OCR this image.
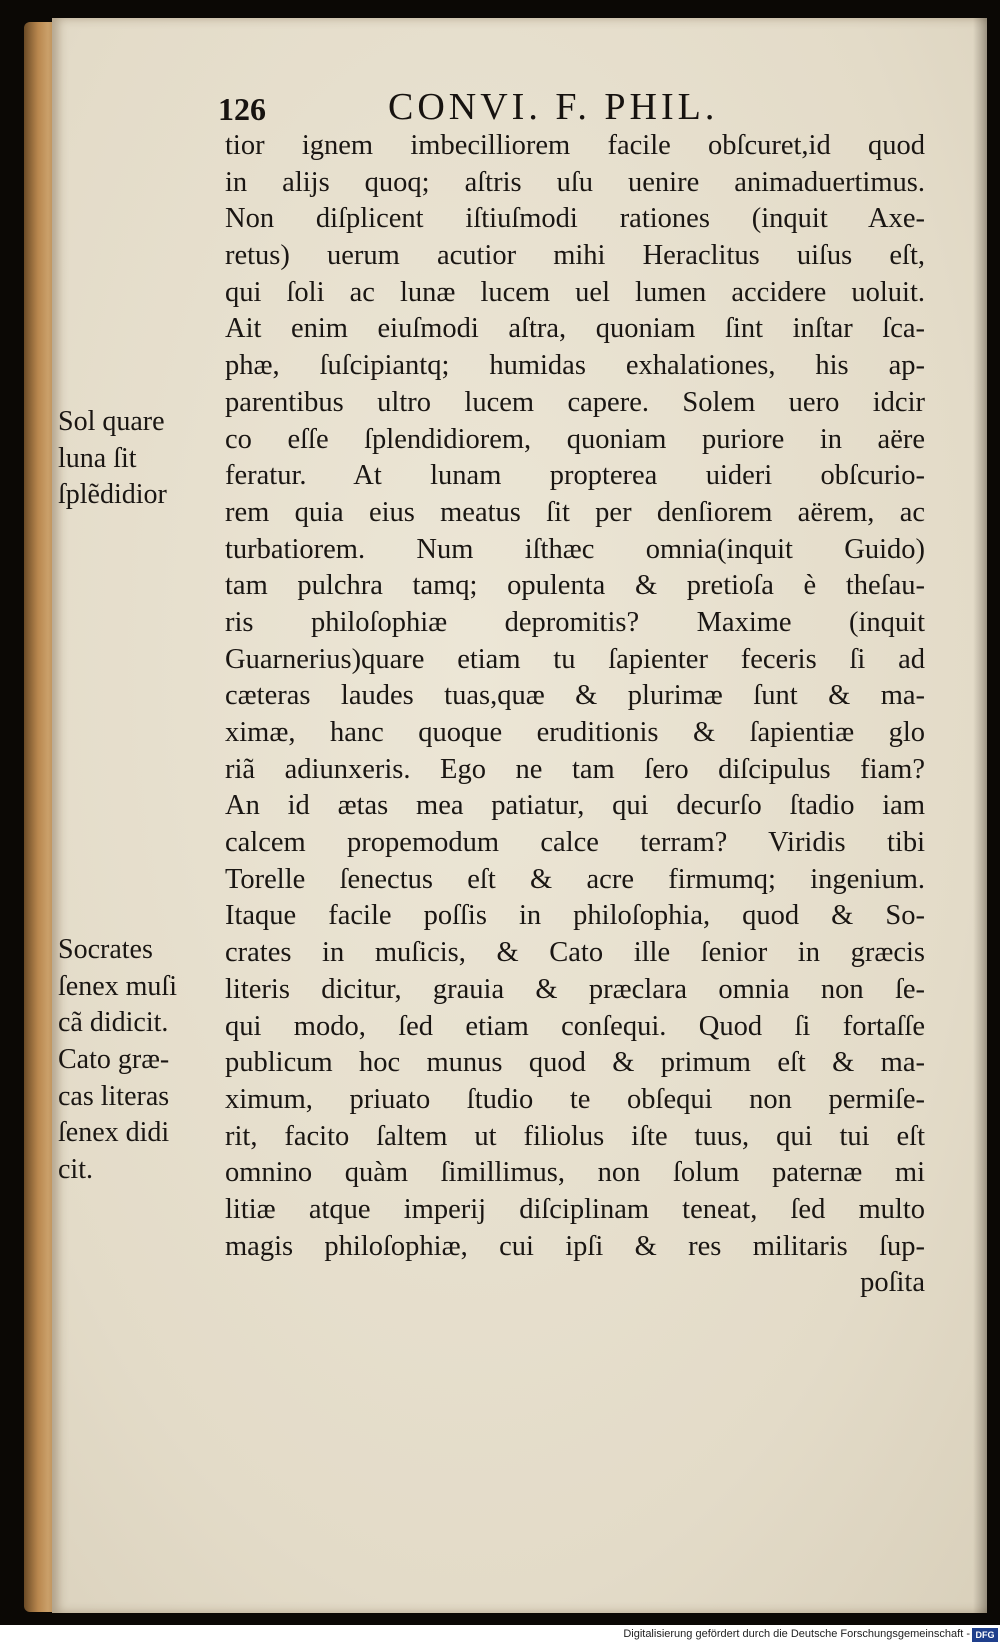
126	CONVI. F. PHIL.
tior ignem imbecilliorem facile obſcuret,id quod
in alijs quoq; aſtris uſu uenire animaduertimus.
Non diſplicent iſtiuſmodi rationes (inquit Axe-
retus) uerum acutior mihi Heraclitus uiſus eſt,
qui ſoli ac lunæ lucem uel lumen accidere uoluit.
Ait enim eiuſmodi aſtra, quoniam ſint inſtar ſca-
phæ, ſuſcipiantq; humidas exhalationes, his ap-
parentibus ultro lucem capere. Solem uero idcir
co eſſe ſplendidiorem, quoniam puriore in aëre
feratur. At lunam propterea uideri obſcurio-
rem quia eius meatus ſit per denſiorem aërem, ac
turbatiorem. Num iſthæc omnia(inquit Guido)
tam pulchra tamq; opulenta & pretioſa è theſau-
ris philoſophiæ depromitis? Maxime (inquit
Guarnerius)quare etiam tu ſapienter feceris ſi ad
cæteras laudes tuas,quæ & plurimæ ſunt & ma-
ximæ, hanc quoque eruditionis & ſapientiæ glo
riã adiunxeris. Ego ne tam ſero diſcipulus fiam?
An id ætas mea patiatur, qui decurſo ſtadio iam
calcem propemodum calce terram? Viridis tibi
Torelle ſenectus eſt & acre firmumq; ingenium.
Itaque facile poſſis in philoſophia, quod & So-
crates in muſicis, & Cato ille ſenior in græcis
literis dicitur, grauia & præclara omnia non ſe-
qui modo, ſed etiam conſequi. Quod ſi fortaſſe
publicum hoc munus quod & primum eſt & ma-
ximum, priuato ſtudio te obſequi non permiſe-
rit, facito ſaltem ut filiolus iſte tuus, qui tui eſt
omnino quàm ſimillimus, non ſolum paternæ mi
litiæ atque imperij diſciplinam teneat, ſed multo
magis philoſophiæ, cui ipſi & res militaris ſup-
poſita
Sol quare
luna ſit
ſplẽdidior
Socrates
ſenex muſi
cã didicit.
Cato græ-
cas literas
ſenex didi
cit.
Digitalisierung gefördert durch die Deutsche Forschungsgemeinschaft - DFG
